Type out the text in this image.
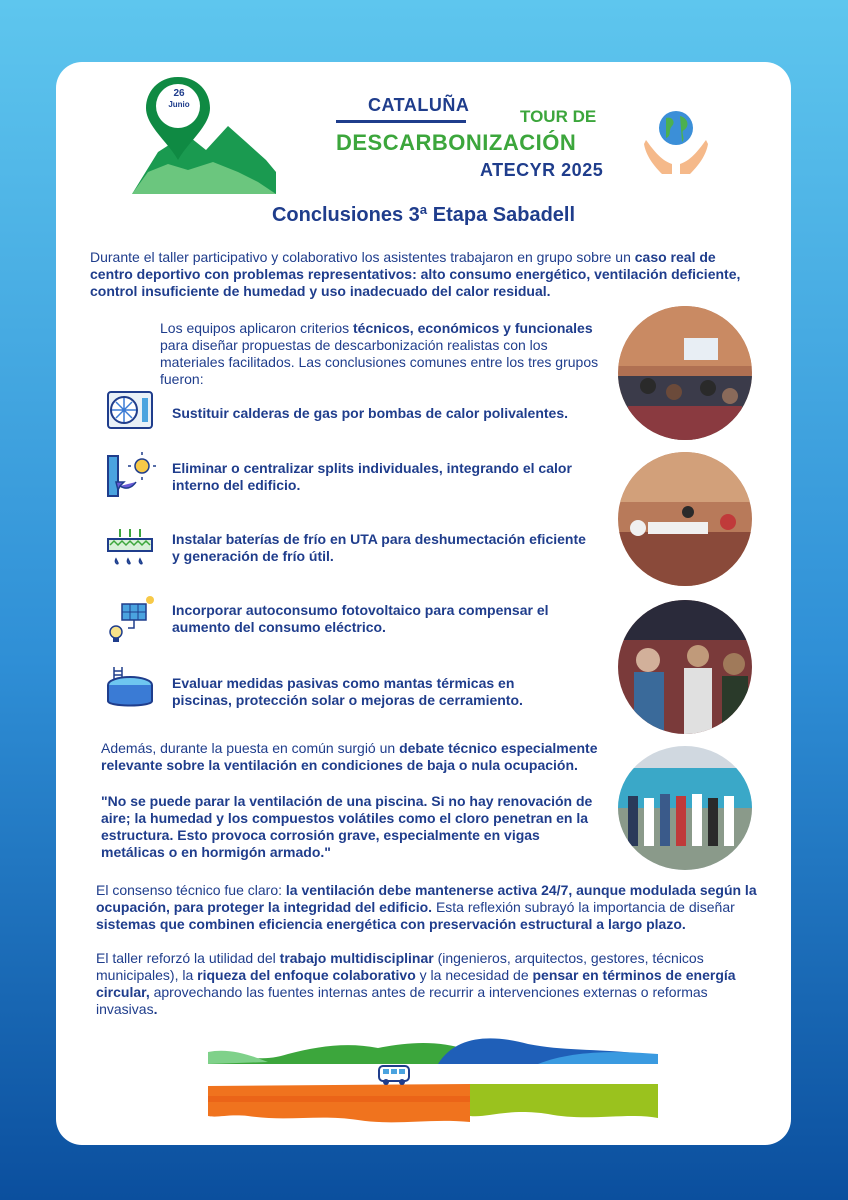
26
Junio	CATALUÑA
TOUR DE
DESCARBONIZACIÓN
ATECYR 2025
Conclusiones 3ª Etapa Sabadell
Durante el taller participativo y colaborativo los asistentes trabajaron en grupo sobre un caso real de centro deportivo con problemas representativos: alto consumo energético, ventilación deficiente, control insuficiente de humedad y uso inadecuado del calor residual.
Los equipos aplicaron criterios técnicos, económicos y funcionales para diseñar propuestas de descarbonización realistas con los materiales facilitados. Las conclusiones comunes entre los tres grupos fueron:
Sustituir calderas de gas por bombas de calor polivalentes.
Eliminar o centralizar splits individuales, integrando el calor interno del edificio.
Instalar baterías de frío en UTA para deshumectación eficiente y generación de frío útil.
Incorporar autoconsumo fotovoltaico para compensar el aumento del consumo eléctrico.
Evaluar medidas pasivas como mantas térmicas en piscinas, protección solar o mejoras de cerramiento.
Además, durante la puesta en común surgió un debate técnico especialmente relevante sobre la ventilación en condiciones de baja o nula ocupación.
"No se puede parar la ventilación de una piscina. Si no hay renovación de aire; la humedad y los compuestos volátiles como el cloro penetran en la estructura. Esto provoca corrosión grave, especialmente en vigas metálicas o en hormigón armado."
El consenso técnico fue claro: la ventilación debe mantenerse activa 24/7, aunque modulada según la ocupación, para proteger la integridad del edificio. Esta reflexión subrayó la importancia de diseñar sistemas que combinen eficiencia energética con preservación estructural a largo plazo.
El taller reforzó la utilidad del trabajo multidisciplinar (ingenieros, arquitectos, gestores, técnicos municipales), la riqueza del enfoque colaborativo y la necesidad de pensar en términos de energía circular, aprovechando las fuentes internas antes de recurrir a intervenciones externas o reformas invasivas.
